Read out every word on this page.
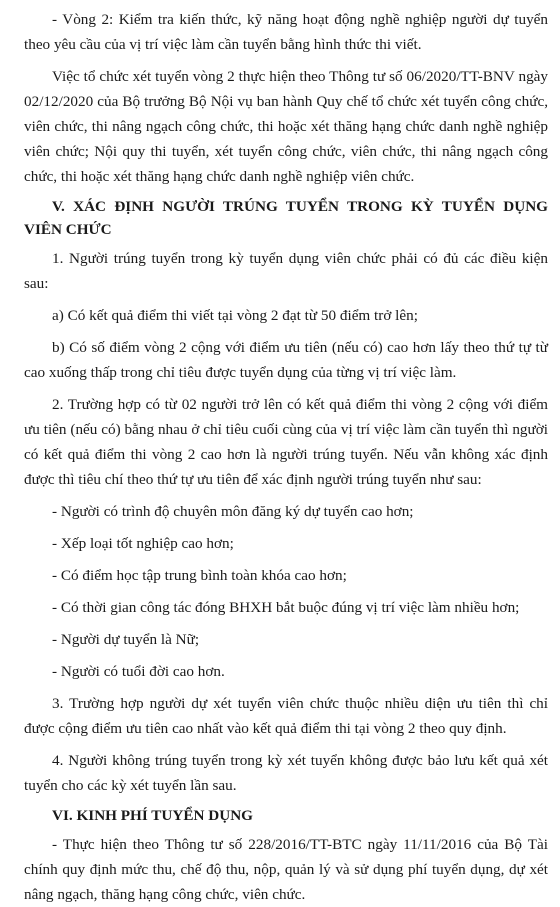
- Vòng 2: Kiểm tra kiến thức, kỹ năng hoạt động nghề nghiệp người dự tuyển theo yêu cầu của vị trí việc làm cần tuyển bằng hình thức thi viết.

Việc tổ chức xét tuyển vòng 2 thực hiện theo Thông tư số 06/2020/TT-BNV ngày 02/12/2020 của Bộ trưởng Bộ Nội vụ ban hành Quy chế tổ chức xét tuyển công chức, viên chức, thi nâng ngạch công chức, thi hoặc xét thăng hạng chức danh nghề nghiệp viên chức; Nội quy thi tuyển, xét tuyển công chức, viên chức, thi nâng ngạch công chức, thi hoặc xét thăng hạng chức danh nghề nghiệp viên chức.

V. XÁC ĐỊNH NGƯỜI TRÚNG TUYỂN TRONG KỲ TUYỂN DỤNG VIÊN CHỨC

1. Người trúng tuyển trong kỳ tuyển dụng viên chức phải có đủ các điều kiện sau:

a) Có kết quả điểm thi viết tại vòng 2 đạt từ 50 điểm trở lên;

b) Có số điểm vòng 2 cộng với điểm ưu tiên (nếu có) cao hơn lấy theo thứ tự từ cao xuống thấp trong chỉ tiêu được tuyển dụng của từng vị trí việc làm.

2. Trường hợp có từ 02 người trở lên có kết quả điểm thi vòng 2 cộng với điểm ưu tiên (nếu có) bằng nhau ở chỉ tiêu cuối cùng của vị trí việc làm cần tuyển thì người có kết quả điểm thi vòng 2 cao hơn là người trúng tuyển. Nếu vẫn không xác định được thì tiêu chí theo thứ tự ưu tiên để xác định người trúng tuyển như sau:

- Người có trình độ chuyên môn đăng ký dự tuyển cao hơn;

- Xếp loại tốt nghiệp cao hơn;

- Có điểm học tập trung bình toàn khóa cao hơn;

- Có thời gian công tác đóng BHXH bắt buộc đúng vị trí việc làm nhiều hơn;

- Người dự tuyển là Nữ;

- Người có tuổi đời cao hơn.

3. Trường hợp người dự xét tuyển viên chức thuộc nhiều diện ưu tiên thì chỉ được cộng điểm ưu tiên cao nhất vào kết quả điểm thi tại vòng 2 theo quy định.

4. Người không trúng tuyển trong kỳ xét tuyển không được bảo lưu kết quả xét tuyển cho các kỳ xét tuyển lần sau.

VI. KINH PHÍ TUYỂN DỤNG

- Thực hiện theo Thông tư số 228/2016/TT-BTC ngày 11/11/2016 của Bộ Tài chính quy định mức thu, chế độ thu, nộp, quản lý và sử dụng phí tuyển dụng, dự xét nâng ngạch, thăng hạng công chức, viên chức.
